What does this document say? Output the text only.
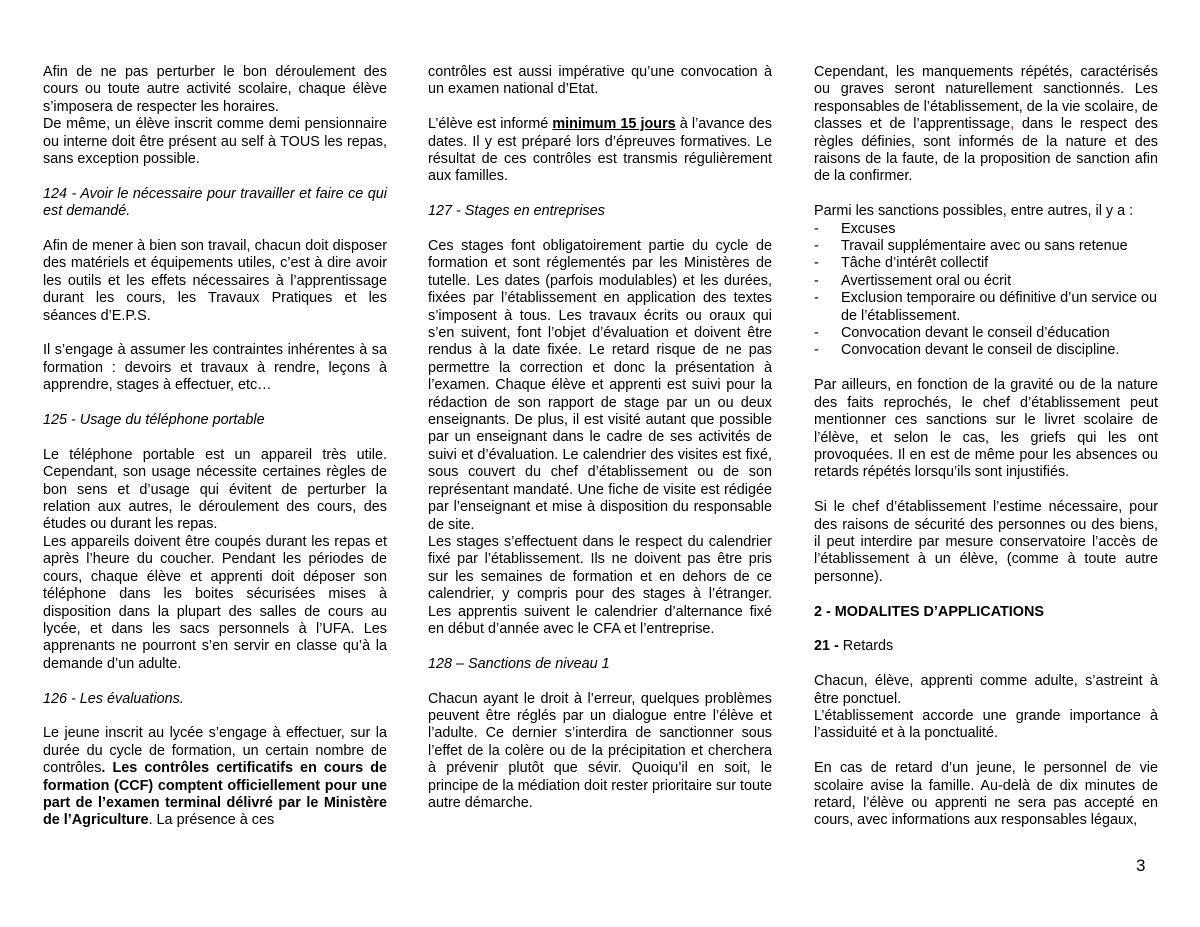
Afin de ne pas perturber le bon déroulement des cours ou toute autre activité scolaire, chaque élève s’imposera de respecter les horaires.

De même, un élève inscrit comme demi pensionnaire ou interne doit être présent au self à TOUS les repas, sans exception possible.

124 - Avoir le nécessaire pour travailler et faire ce qui est demandé.

Afin de mener à bien son travail, chacun doit disposer des matériels et équipements utiles, c’est à dire avoir les outils et les effets nécessaires à l’apprentissage durant les cours, les Travaux Pratiques et les séances d’E.P.S.

Il s’engage à assumer les contraintes inhérentes à sa formation : devoirs et travaux à rendre, leçons à apprendre, stages à effectuer, etc…

125 - Usage du téléphone portable

Le téléphone portable est un appareil très utile. Cependant, son usage nécessite certaines règles de bon sens et d’usage qui évitent de perturber la relation aux autres, le déroulement des cours, des études ou durant les repas.

Les appareils doivent être coupés durant les repas et après l’heure du coucher. Pendant les périodes de cours, chaque élève et apprenti doit déposer son téléphone dans les boites sécurisées mises à disposition dans la plupart des salles de cours au lycée, et dans les sacs personnels à l’UFA. Les apprenants ne pourront s’en servir en classe qu’à la demande d’un adulte.

126 - Les évaluations.

Le jeune inscrit au lycée s’engage à effectuer, sur la durée du cycle de formation, un certain nombre de contrôles. Les contrôles certificatifs en cours de formation (CCF) comptent officiellement pour une part de l’examen terminal délivré par le Ministère de l’Agriculture. La présence à ces

contrôles est aussi impérative qu’une convocation à un examen national d’Etat.

L’élève est informé minimum 15 jours à l’avance des dates. Il y est préparé lors d’épreuves formatives. Le résultat de ces contrôles est transmis régulièrement aux familles.

127 - Stages en entreprises

Ces stages font obligatoirement partie du cycle de formation et sont réglementés par les Ministères de tutelle. Les dates (parfois modulables) et les durées, fixées par l’établissement en application des textes s’imposent à tous. Les travaux écrits ou oraux qui s’en suivent, font l’objet d’évaluation et doivent être rendus à la date fixée. Le retard risque de ne pas permettre la correction et donc la présentation à l’examen. Chaque élève et apprenti est suivi pour la rédaction de son rapport de stage par un ou deux enseignants. De plus, il est visité autant que possible par un enseignant dans le cadre de ses activités de suivi et d’évaluation. Le calendrier des visites est fixé, sous couvert du chef d’établissement ou de son représentant mandaté. Une fiche de visite est rédigée par l’enseignant et mise à disposition du responsable de site.

Les stages s’effectuent dans le respect du calendrier fixé par l’établissement. Ils ne doivent pas être pris sur les semaines de formation et en dehors de ce calendrier, y compris pour des stages à l’étranger. Les apprentis suivent le calendrier d’alternance fixé en début d’année avec le CFA et l’entreprise.

128 – Sanctions de niveau 1

Chacun ayant le droit à l’erreur, quelques problèmes peuvent être réglés par un dialogue entre l’élève et l’adulte. Ce dernier s’interdira de sanctionner sous l’effet de la colère ou de la précipitation et cherchera à prévenir plutôt que sévir. Quoiqu’il en soit, le principe de la médiation doit rester prioritaire sur toute autre démarche.

Cependant, les manquements répétés, caractérisés ou graves seront naturellement sanctionnés. Les responsables de l’établissement, de la vie scolaire, de classes et de l’apprentissage, dans le respect des règles définies, sont informés de la nature et des raisons de la faute, de la proposition de sanction afin de la confirmer.

Parmi les sanctions possibles, entre autres, il y a :

- Excuses
- Travail supplémentaire avec ou sans retenue
- Tâche d’intérêt collectif
- Avertissement oral ou écrit
- Exclusion temporaire ou définitive d’un service ou de l’établissement.
- Convocation devant le conseil d’éducation
- Convocation devant le conseil de discipline.

Par ailleurs, en fonction de la gravité ou de la nature des faits reprochés, le chef d’établissement peut mentionner ces sanctions sur le livret scolaire de l’élève, et selon le cas, les griefs qui les ont provoquées. Il en est de même pour les absences ou retards répétés lorsqu’ils sont injustifiés.

Si le chef d’établissement l’estime nécessaire, pour des raisons de sécurité des personnes ou des biens, il peut interdire par mesure conservatoire l’accès de l’établissement à un élève, (comme à toute autre personne).

2 - MODALITES D’APPLICATIONS

21 - Retards

Chacun, élève, apprenti comme adulte, s’astreint à être ponctuel.

L’établissement accorde une grande importance à l’assiduité et à la ponctualité.

En cas de retard d’un jeune, le personnel de vie scolaire avise la famille. Au-delà de dix minutes de retard, l’élève ou apprenti ne sera pas accepté en cours, avec informations aux responsables légaux,

3
